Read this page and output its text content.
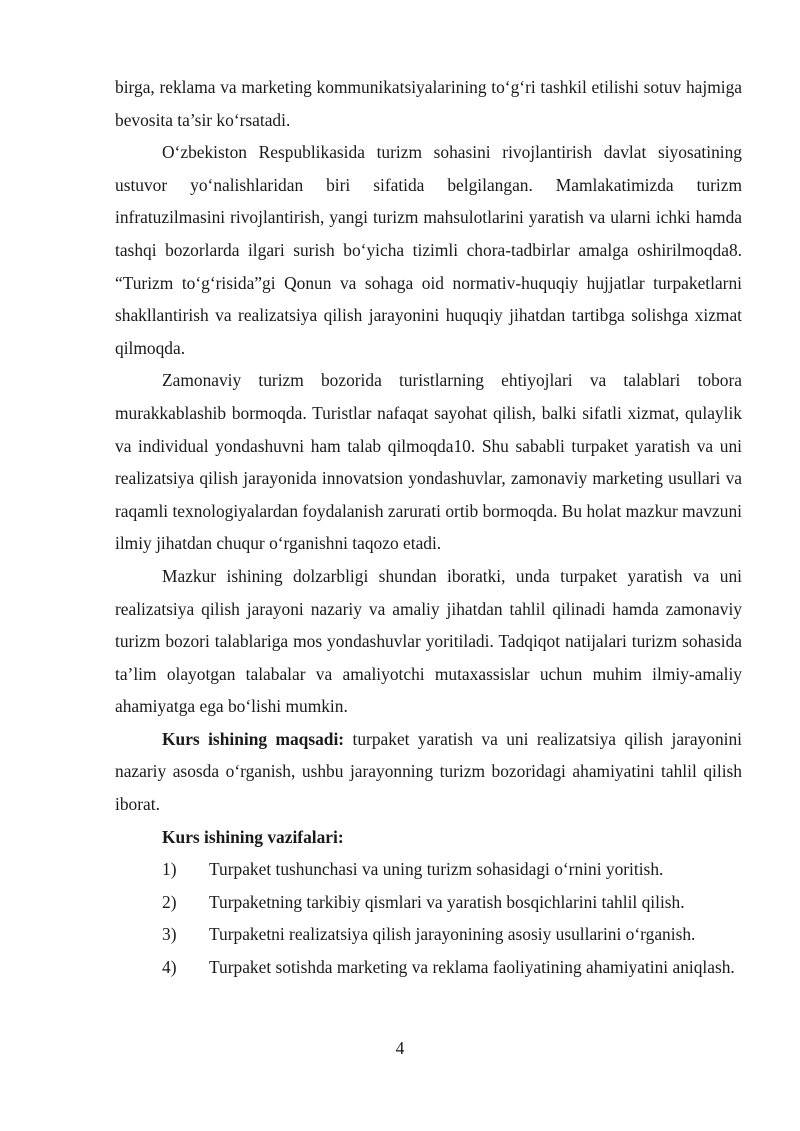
birga, reklama va marketing kommunikatsiyalarining to‘g‘ri tashkil etilishi sotuv hajmiga bevosita ta’sir ko‘rsatadi.

O‘zbekiston Respublikasida turizm sohasini rivojlantirish davlat siyosatining ustuvor yo‘nalishlaridan biri sifatida belgilangan. Mamlakatimizda turizm infratuzilmasini rivojlantirish, yangi turizm mahsulotlarini yaratish va ularni ichki hamda tashqi bozorlarda ilgari surish bo‘yicha tizimli chora-tadbirlar amalga oshirilmoqda8. “Turizm to‘g‘risida”gi Qonun va sohaga oid normativ-huquqiy hujjatlar turpaketlarni shakllantirish va realizatsiya qilish jarayonini huquqiy jihatdan tartibga solishga xizmat qilmoqda.

Zamonaviy turizm bozorida turistlarning ehtiyojlari va talablari tobora murakkablashib bormoqda. Turistlar nafaqat sayohat qilish, balki sifatli xizmat, qulaylik va individual yondashuvni ham talab qilmoqda10. Shu sababli turpaket yaratish va uni realizatsiya qilish jarayonida innovatsion yondashuvlar, zamonaviy marketing usullari va raqamli texnologiyalardan foydalanish zarurati ortib bormoqda. Bu holat mazkur mavzuni ilmiy jihatdan chuqur o‘rganishni taqozo etadi.

Mazkur ishining dolzarbligi shundan iboratki, unda turpaket yaratish va uni realizatsiya qilish jarayoni nazariy va amaliy jihatdan tahlil qilinadi hamda zamonaviy turizm bozori talablariga mos yondashuvlar yoritiladi. Tadqiqot natijalari turizm sohasida ta’lim olayotgan talabalar va amaliyotchi mutaxassislar uchun muhim ilmiy-amaliy ahamiyatga ega bo‘lishi mumkin.

Kurs ishining maqsadi: turpaket yaratish va uni realizatsiya qilish jarayonini nazariy asosda o‘rganish, ushbu jarayonning turizm bozoridagi ahamiyatini tahlil qilish iborat.

Kurs ishining vazifalari:

1)	Turpaket tushunchasi va uning turizm sohasidagi o‘rnini yoritish.
2)	Turpaketning tarkibiy qismlari va yaratish bosqichlarini tahlil qilish.
3)	Turpaketni realizatsiya qilish jarayonining asosiy usullarini o‘rganish.

4) Turpaket sotishda marketing va reklama faoliyatining ahamiyatini aniqlash.

4
